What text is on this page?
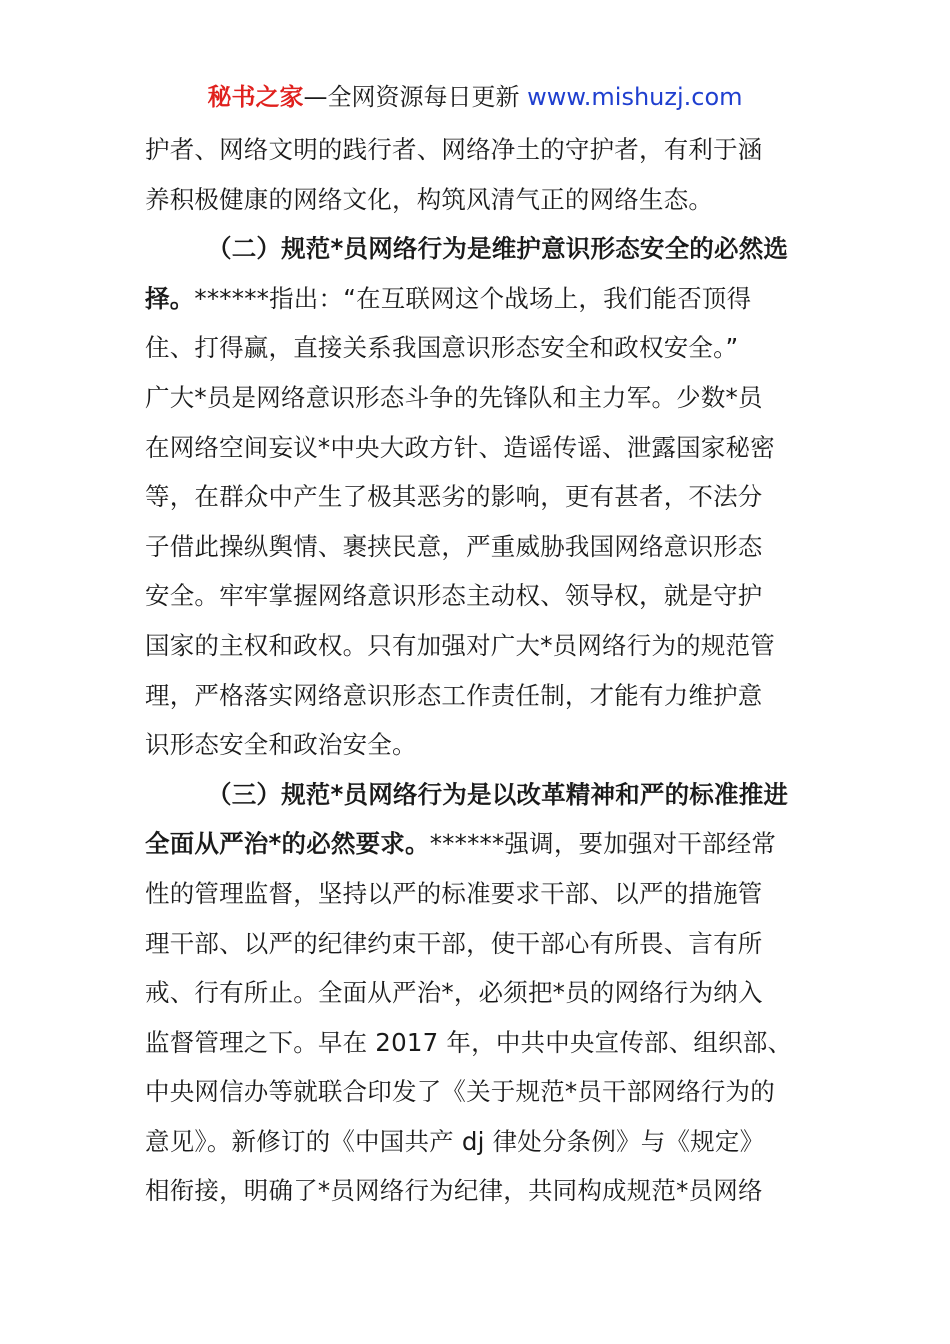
秘书之家—全网资源每日更新 www.mishuzj.com
护者、网络文明的践行者、网络净土的守护者，有利于涵
养积极健康的网络文化，构筑风清气正的网络生态。
（二）规范*员网络行为是维护意识形态安全的必然选
择。******指出：“在互联网这个战场上，我们能否顶得
住、打得赢，直接关系我国意识形态安全和政权安全。”
广大*员是网络意识形态斗争的先锋队和主力军。少数*员
在网络空间妄议*中央大政方针、造谣传谣、泄露国家秘密
等，在群众中产生了极其恶劣的影响，更有甚者，不法分
子借此操纵舆情、裹挟民意，严重威胁我国网络意识形态
安全。牢牢掌握网络意识形态主动权、领导权，就是守护
国家的主权和政权。只有加强对广大*员网络行为的规范管
理，严格落实网络意识形态工作责任制，才能有力维护意
识形态安全和政治安全。
（三）规范*员网络行为是以改革精神和严的标准推进
全面从严治*的必然要求。******强调，要加强对干部经常
性的管理监督，坚持以严的标准要求干部、以严的措施管
理干部、以严的纪律约束干部，使干部心有所畏、言有所
戒、行有所止。全面从严治*，必须把*员的网络行为纳入
监督管理之下。早在 2017 年，中共中央宣传部、组织部、
中央网信办等就联合印发了《关于规范*员干部网络行为的
意见》。新修订的《中国共产 dj 律处分条例》与《规定》
相衔接，明确了*员网络行为纪律，共同构成规范*员网络
